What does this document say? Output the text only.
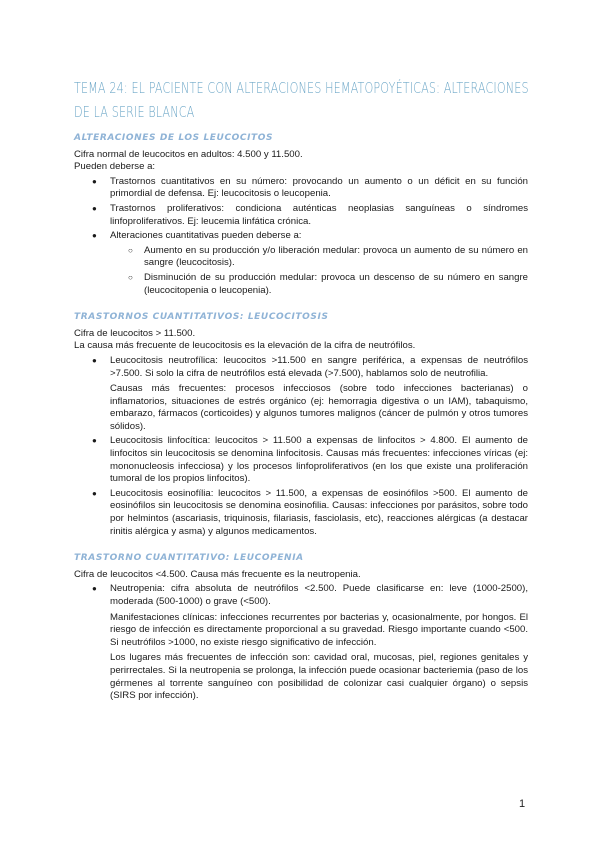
TEMA 24: EL PACIENTE CON ALTERACIONES HEMATOPOYÉTICAS: ALTERACIONES DE LA SERIE BLANCA
ALTERACIONES DE LOS LEUCOCITOS

Cifra normal de leucocitos en adultos: 4.500 y 11.500.

Pueden deberse a:

● Trastornos cuantitativos en su número: provocando un aumento o un déficit en su función primordial de defensa. Ej: leucocitosis o leucopenia.
● Trastornos proliferativos: condiciona auténticas neoplasias sanguíneas o síndromes linfoproliferativos. Ej: leucemia linfática crónica.
● Alteraciones cuantitativas pueden deberse a:
○ Aumento en su producción y/o liberación medular: provoca un aumento de su número en sangre (leucocitosis).
○ Disminución de su producción medular: provoca un descenso de su número en sangre (leucocitopenia o leucopenia).
TRASTORNOS CUANTITATIVOS: LEUCOCITOSIS

Cifra de leucocitos > 11.500.

La causa más frecuente de leucocitosis es la elevación de la cifra de neutrófilos.

● Leucocitosis neutrofílica: leucocitos >11.500 en sangre periférica, a expensas de neutrófilos >7.500. Si solo la cifra de neutrófilos está elevada (>7.500), hablamos solo de neutrofilia.

Causas más frecuentes: procesos infecciosos (sobre todo infecciones bacterianas) o inflamatorios, situaciones de estrés orgánico (ej: hemorragia digestiva o un IAM), tabaquismo, embarazo, fármacos (corticoides) y algunos tumores malignos (cáncer de pulmón y otros tumores sólidos).

● Leucocitosis linfocítica: leucocitos > 11.500 a expensas de linfocitos > 4.800. El aumento de linfocitos sin leucocitosis se denomina linfocitosis. Causas más frecuentes: infecciones víricas (ej: mononucleosis infecciosa) y los procesos linfoproliferativos (en los que existe una proliferación tumoral de los propios linfocitos).
● Leucocitosis eosinofília: leucocitos > 11.500, a expensas de eosinófilos >500. El aumento de eosinófilos sin leucocitosis se denomina eosinofilia. Causas: infecciones por parásitos, sobre todo por helmintos (ascariasis, triquinosis, filariasis, fasciolasis, etc), reacciones alérgicas (a destacar rinitis alérgica y asma) y algunos medicamentos.
TRASTORNO CUANTITATIVO: LEUCOPENIA

Cifra de leucocitos <4.500. Causa más frecuente es la neutropenia.

● Neutropenia: cifra absoluta de neutrófilos <2.500. Puede clasificarse en: leve (1000-2500), moderada (500-1000) o grave (<500).

Manifestaciones clínicas: infecciones recurrentes por bacterias y, ocasionalmente, por hongos. El riesgo de infección es directamente proporcional a su gravedad. Riesgo importante cuando <500. Si neutrófilos >1000, no existe riesgo significativo de infección.

Los lugares más frecuentes de infección son: cavidad oral, mucosas, piel, regiones genitales y perirrectales. Si la neutropenia se prolonga, la infección puede ocasionar bacteriemia (paso de los gérmenes al torrente sanguíneo con posibilidad de colonizar casi cualquier órgano) o sepsis (SIRS por infección).

1
